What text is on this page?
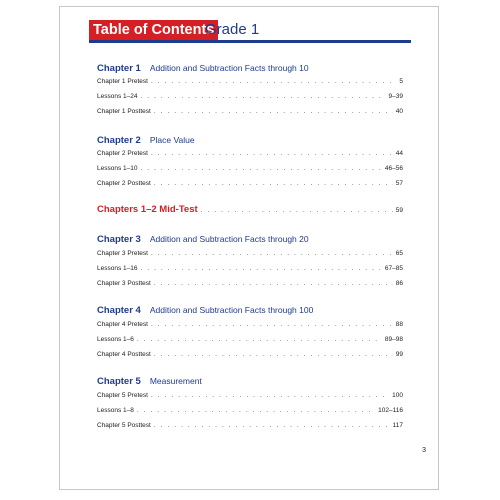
Table of Contents
Grade 1
Chapter 1 Addition and Subtraction Facts through 10
Chapter 1 Pretest . . .	5
Lessons 1–24 . . .	9–39
Chapter 1 Posttest . . .	40
Chapter 2 Place Value
Chapter 2 Pretest . . .	44
Lessons 1–10 . . .	46–56
Chapter 2 Posttest . . .	57
Chapters 1–2 Mid-Test . . .	59
Chapter 3 Addition and Subtraction Facts through 20
Chapter 3 Pretest . . .	65
Lessons 1–16 . . .	67–85
Chapter 3 Posttest . . .	86
Chapter 4 Addition and Subtraction Facts through 100
Chapter 4 Pretest . . .	88
Lessons 1–6 . . .	89–98
Chapter 4 Posttest . . .	99
Chapter 5 Measurement
Chapter 5 Pretest . . .	100
Lessons 1–8 . . .	102–116
Chapter 5 Posttest . . .	117
3
